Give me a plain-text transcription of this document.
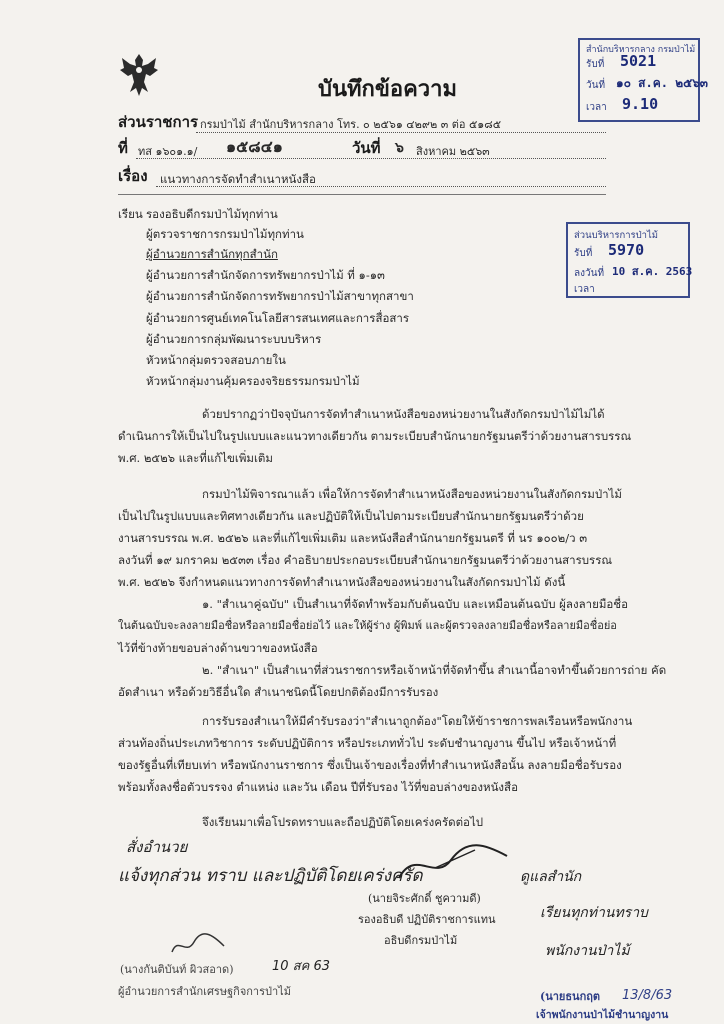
บันทึกข้อความ
ส่วนราชการ กรมป่าไม้ สำนักบริหารกลาง โทร. ๐ ๒๕๖๑ ๔๒๙๒ ๓ ต่อ ๕๑๘๕
ที่ ทส ๑๖๐๑.๑/ ๑๕๘๔๑	วันที่ ๖ สิงหาคม ๒๕๖๓
เรื่อง แนวทางการจัดทำสำเนาหนังสือ
เรียน รองอธิบดีกรมป่าไม้ทุกท่าน
ผู้ตรวจราชการกรมป่าไม้ทุกท่าน
ผู้อำนวยการสำนักทุกสำนัก
ผู้อำนวยการสำนักจัดการทรัพยากรป่าไม้ ที่ ๑-๑๓
ผู้อำนวยการสำนักจัดการทรัพยากรป่าไม้สาขาทุกสาขา
ผู้อำนวยการศูนย์เทคโนโลยีสารสนเทศและการสื่อสาร
ผู้อำนวยการกลุ่มพัฒนาระบบบริหาร
หัวหน้ากลุ่มตรวจสอบภายใน
หัวหน้ากลุ่มงานคุ้มครองจริยธรรมกรมป่าไม้
ด้วยปรากฏว่าปัจจุบันการจัดทำสำเนาหนังสือของหน่วยงานในสังกัดกรมป่าไม้ไม่ได้
ดำเนินการให้เป็นไปในรูปแบบและแนวทางเดียวกัน ตามระเบียบสำนักนายกรัฐมนตรีว่าด้วยงานสารบรรณ
พ.ศ. ๒๕๒๖ และที่แก้ไขเพิ่มเติม
กรมป่าไม้พิจารณาแล้ว เพื่อให้การจัดทำสำเนาหนังสือของหน่วยงานในสังกัดกรมป่าไม้
เป็นไปในรูปแบบและทิศทางเดียวกัน และปฏิบัติให้เป็นไปตามระเบียบสำนักนายกรัฐมนตรีว่าด้วย
งานสารบรรณ พ.ศ. ๒๕๒๖ และที่แก้ไขเพิ่มเติม และหนังสือสำนักนายกรัฐมนตรี ที่ นร ๑๐๐๒/ว ๓
ลงวันที่ ๑๙ มกราคม ๒๕๓๓ เรื่อง คำอธิบายประกอบระเบียบสำนักนายกรัฐมนตรีว่าด้วยงานสารบรรณ
พ.ศ. ๒๕๒๖ จึงกำหนดแนวทางการจัดทำสำเนาหนังสือของหน่วยงานในสังกัดกรมป่าไม้ ดังนี้
๑. "สำเนาคู่ฉบับ" เป็นสำเนาที่จัดทำพร้อมกับต้นฉบับ และเหมือนต้นฉบับ ผู้ลงลายมือชื่อ
ในต้นฉบับจะลงลายมือชื่อหรือลายมือชื่อย่อไว้ และให้ผู้ร่าง ผู้พิมพ์ และผู้ตรวจลงลายมือชื่อหรือลายมือชื่อย่อ
ไว้ที่ข้างท้ายขอบล่างด้านขวาของหนังสือ
๒. "สำเนา" เป็นสำเนาที่ส่วนราชการหรือเจ้าหน้าที่จัดทำขึ้น สำเนานี้อาจทำขึ้นด้วยการถ่าย คัด
อัดสำเนา หรือด้วยวิธีอื่นใด สำเนาชนิดนี้โดยปกติต้องมีการรับรอง
การรับรองสำเนาให้มีคำรับรองว่า"สำเนาถูกต้อง"โดยให้ข้าราชการพลเรือนหรือพนักงาน
ส่วนท้องถิ่นประเภทวิชาการ ระดับปฏิบัติการ หรือประเภททั่วไป ระดับชำนาญงาน ขึ้นไป หรือเจ้าหน้าที่
ของรัฐอื่นที่เทียบเท่า หรือพนักงานราชการ ซึ่งเป็นเจ้าของเรื่องที่ทำสำเนาหนังสือนั้น ลงลายมือชื่อรับรอง
พร้อมทั้งลงชื่อตัวบรรจง ตำแหน่ง และวัน เดือน ปีที่รับรอง ไว้ที่ขอบล่างของหนังสือ
จึงเรียนมาเพื่อโปรดทราบและถือปฏิบัติโดยเคร่งครัดต่อไป
สั่งอำนวย
แจ้งทุกส่วน ทราบ และปฏิบัติโดยเคร่งครัด
(นายจิระศักดิ์ ชูความดี)
รองอธิบดี ปฏิบัติราชการแทน
อธิบดีกรมป่าไม้
10 สค 63
(นางกันติบันท์ ผิวสอาด)
ผู้อำนวยการสำนักเศรษฐกิจการป่าไม้
ดูแลสำนัก
เรียนทุกท่านทราบ
พนักงานป่าไม้
(นายธนกฤต 13/8/63
เจ้าพนักงานป่าไม้ชำนาญงาน
สำนักบริหารกลาง กรมป่าไม้
รับที่ 5021
วันที่ ๑๐ ส.ค. ๒๕๖๓
เวลา 9.10
ส่วนบริหารการป่าไม้
รับที่ 5970
ลงวันที่ 10 ส.ค. 2563
เวลา
